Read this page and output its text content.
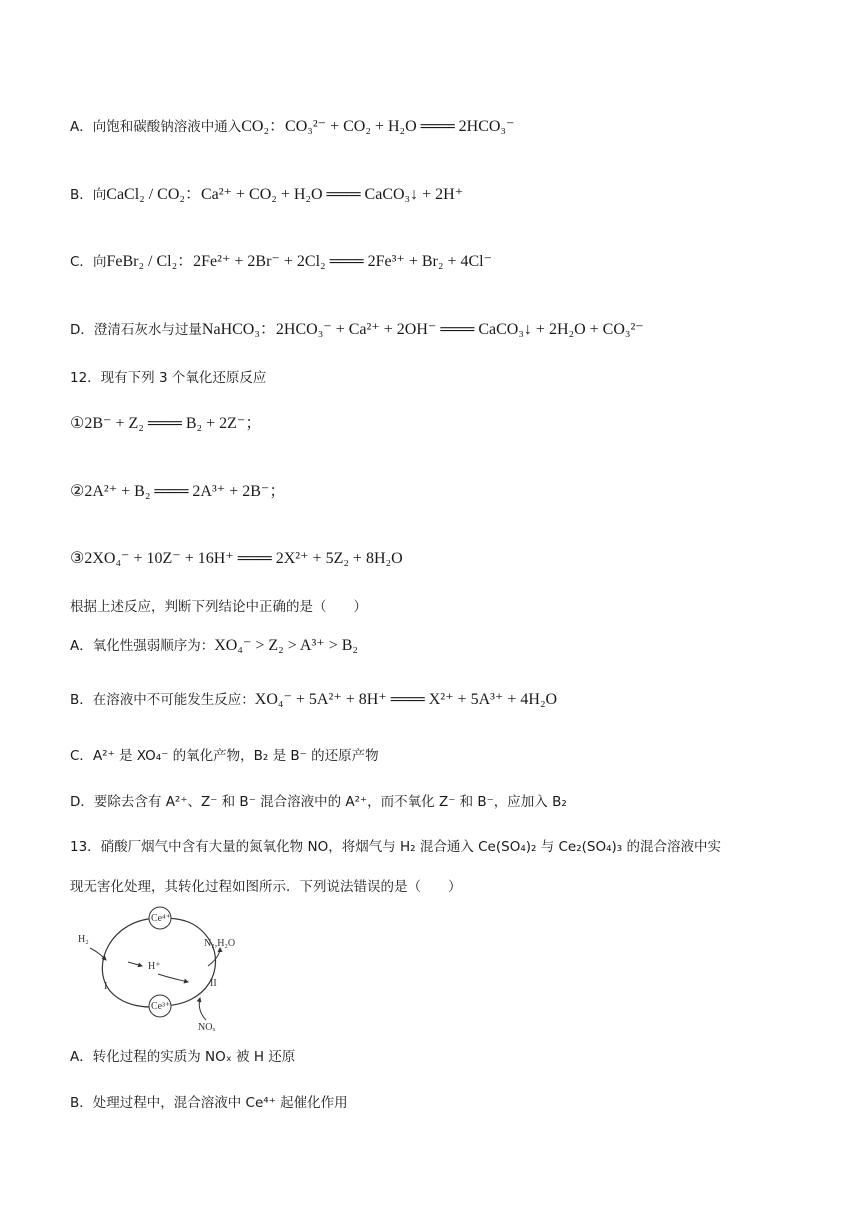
A．向饱和碳酸钠溶液中通入CO₂：CO₃²⁻ + CO₂ + H₂O ═══ 2HCO₃⁻
B．向CaCl₂ / CO₂：Ca²⁺ + CO₂ + H₂O ═══ CaCO₃↓ + 2H⁺
C．向FeBr₂ / Cl₂：2Fe²⁺ + 2Br⁻ + 2Cl₂ ═══ 2Fe³⁺ + Br₂ + 4Cl⁻
D．澄清石灰水与过量NaHCO₃：2HCO₃⁻ + Ca²⁺ + 2OH⁻ ═══ CaCO₃↓ + 2H₂O + CO₃²⁻
12．现有下列 3 个氧化还原反应
①2B⁻ + Z₂ ═══ B₂ + 2Z⁻；
②2A²⁺ + B₂ ═══ 2A³⁺ + 2B⁻；
③2XO₄⁻ + 10Z⁻ + 16H⁺ ═══ 2X²⁺ + 5Z₂ + 8H₂O
根据上述反应，判断下列结论中正确的是（　　）
A．氧化性强弱顺序为：XO₄⁻ > Z₂ > A³⁺ > B₂
B．在溶液中不可能发生反应：XO₄⁻ + 5A²⁺ + 8H⁺ ═══ X²⁺ + 5A³⁺ + 4H₂O
C．A²⁺ 是 XO₄⁻ 的氧化产物，B₂ 是 B⁻ 的还原产物
D．要除去含有 A²⁺、Z⁻ 和 B⁻ 混合溶液中的 A²⁺，而不氧化 Z⁻ 和 B⁻，应加入 B₂
13．硝酸厂烟气中含有大量的氮氧化物 NO，将烟气与 H₂ 混合通入 Ce(SO₄)₂ 与 Ce₂(SO₄)₃ 的混合溶液中实
现无害化处理，其转化过程如图所示．下列说法错误的是（　　）
Ce⁴⁺
Ce³⁺
H₂
H⁺
N₂,H₂O
NOₓ
I	II
A．转化过程的实质为 NOₓ 被 H 还原
B．处理过程中，混合溶液中 Ce⁴⁺ 起催化作用
